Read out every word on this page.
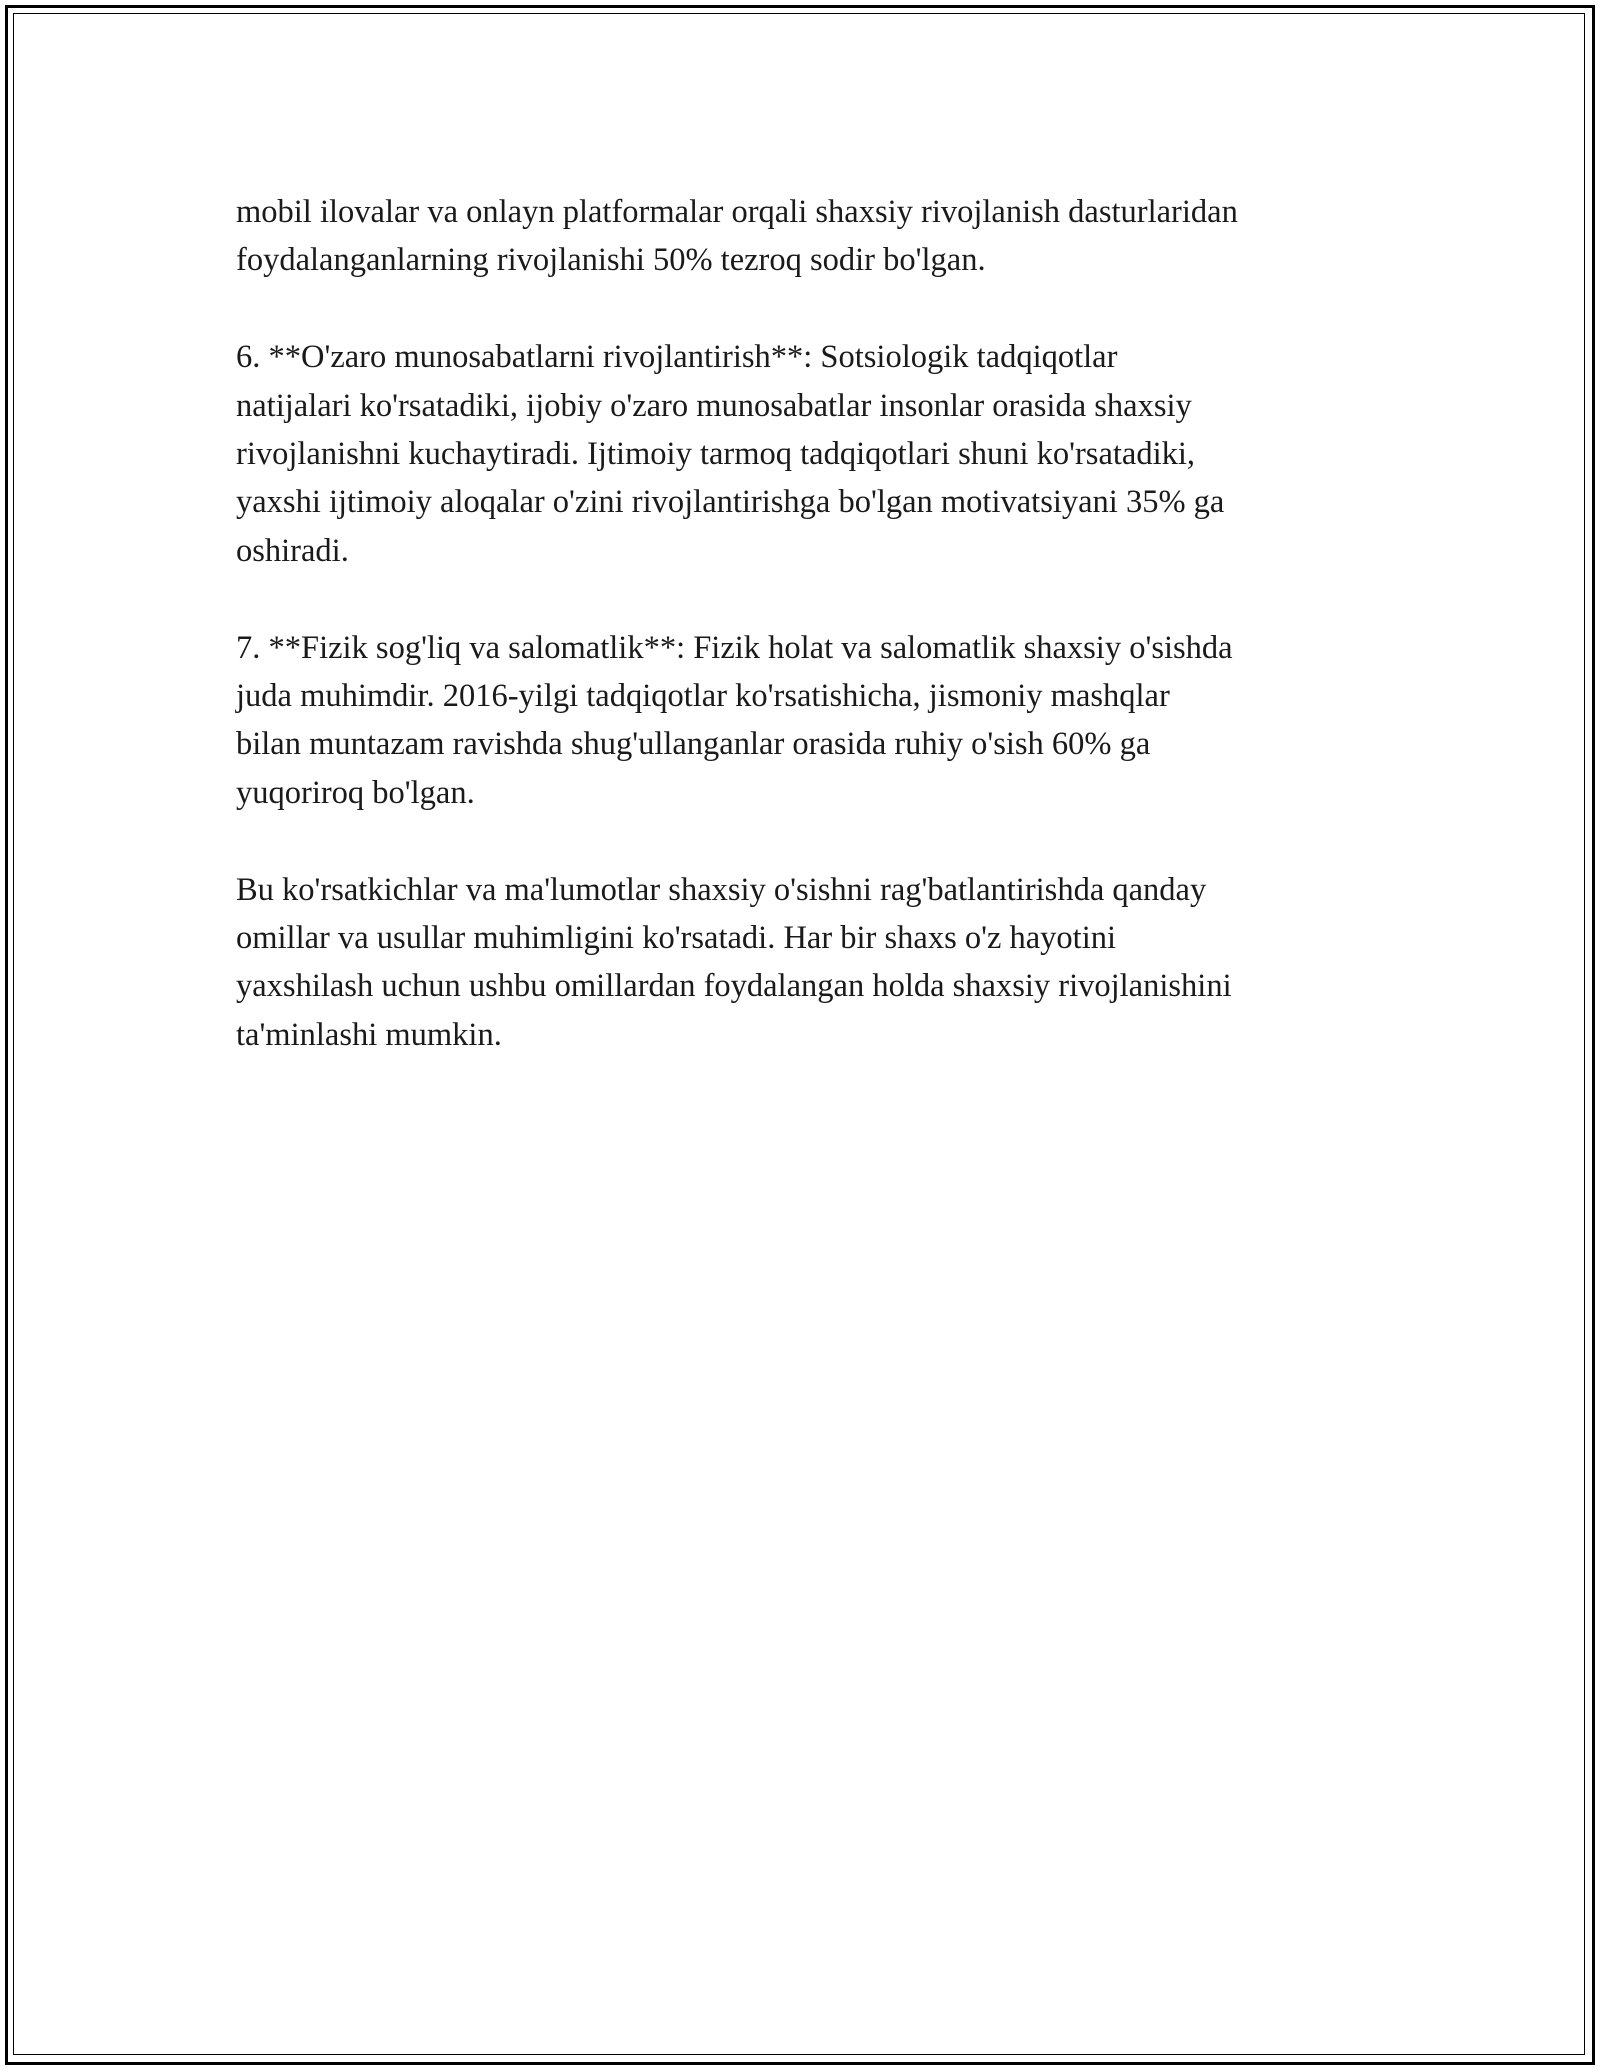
mobil ilovalar va onlayn platformalar orqali shaxsiy rivojlanish dasturlaridan
foydalanganlarning rivojlanishi 50% tezroq sodir bo'lgan.

6. **O'zaro munosabatlarni rivojlantirish**: Sotsiologik tadqiqotlar
natijalari ko'rsatadiki, ijobiy o'zaro munosabatlar insonlar orasida shaxsiy
rivojlanishni kuchaytiradi. Ijtimoiy tarmoq tadqiqotlari shuni ko'rsatadiki,
yaxshi ijtimoiy aloqalar o'zini rivojlantirishga bo'lgan motivatsiyani 35% ga
oshiradi.

7. **Fizik sog'liq va salomatlik**: Fizik holat va salomatlik shaxsiy o'sishda
juda muhimdir. 2016-yilgi tadqiqotlar ko'rsatishicha, jismoniy mashqlar
bilan muntazam ravishda shug'ullanganlar orasida ruhiy o'sish 60% ga
yuqoriroq bo'lgan.

Bu ko'rsatkichlar va ma'lumotlar shaxsiy o'sishni rag'batlantirishda qanday
omillar va usullar muhimligini ko'rsatadi. Har bir shaxs o'z hayotini
yaxshilash uchun ushbu omillardan foydalangan holda shaxsiy rivojlanishini
ta'minlashi mumkin.
